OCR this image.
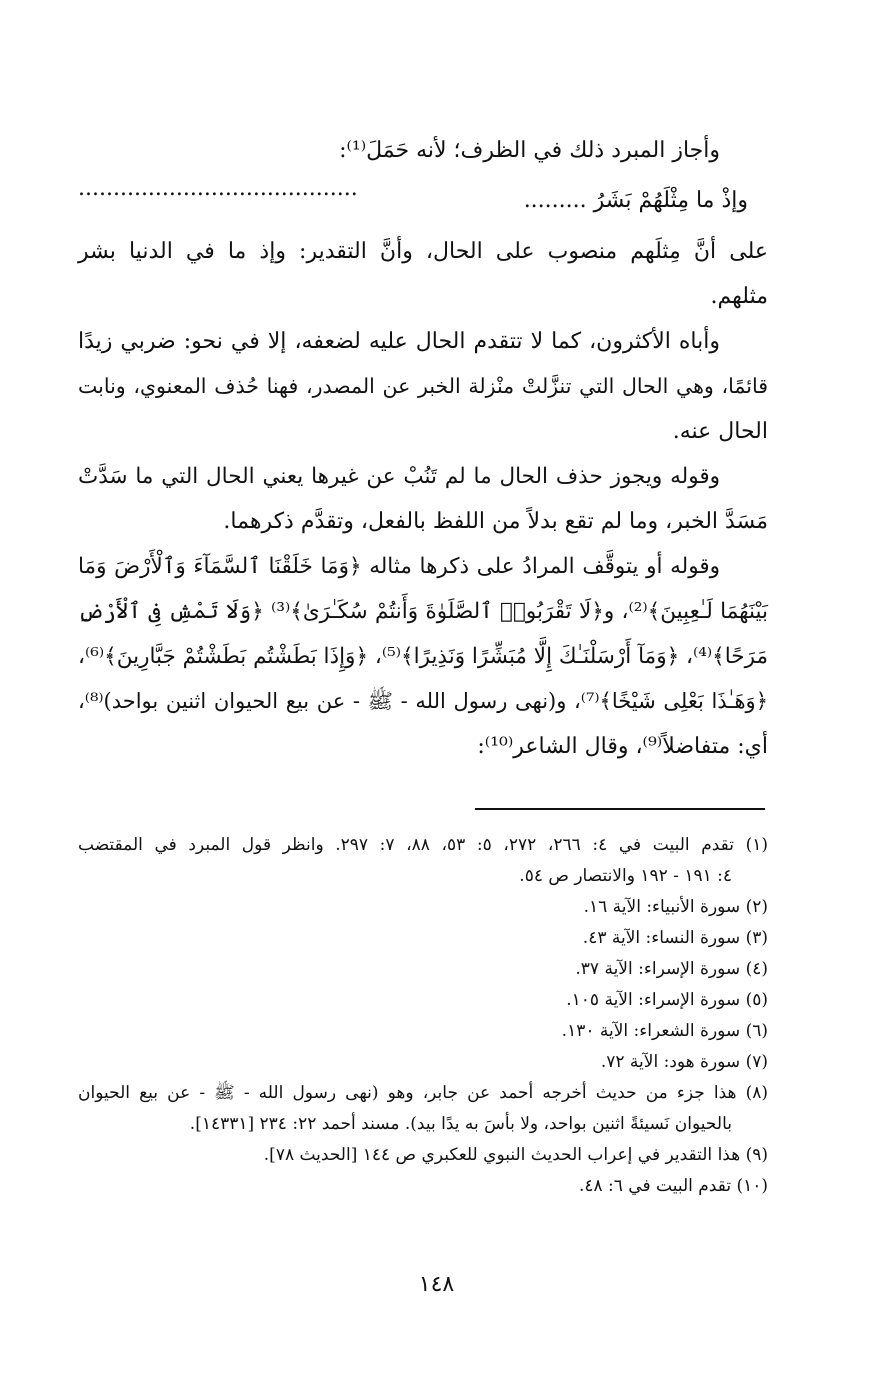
وأجاز المبرد ذلك في الظرف؛ لأنه حَمَلَ⁽¹⁾:
وإذْ ما مِثْلَهُمْ بَشَرُ .........
........................................
على أنَّ مِثلَهم منصوب على الحال، وأنَّ التقدير: وإذ ما في الدنيا بشر
مثلهم.
وأباه الأكثرون، كما لا تتقدم الحال عليه لضعفه، إلا في نحو: ضربي زيدًا
قائمًا، وهي الحال التي تنزَّلتْ منْزلة الخبر عن المصدر، فهنا حُذف المعنوي، ونابت
الحال عنه.
وقوله ويجوز حذف الحال ما لم تَنُبْ عن غيرها يعني الحال التي ما سَدَّتْ
مَسَدَّ الخبر، وما لم تقع بدلاً من اللفظ بالفعل، وتقدَّم ذكرهما.
وقوله أو يتوقَّف المرادُ على ذكرها مثاله ﴿وَمَا خَلَقْنَا ٱلسَّمَآءَ وَٱلْأَرْضَ وَمَا
بَيْنَهُمَا لَـٰعِبِينَ﴾⁽²⁾، و﴿لَا تَقْرَبُوا۟ ٱلصَّلَوٰةَ وَأَنتُمْ سُكَـٰرَىٰ﴾⁽³⁾ ﴿وَلَا تَمْشِ فِى ٱلْأَرْضِ
مَرَحًا﴾⁽⁴⁾، ﴿وَمَآ أَرْسَلْنَـٰكَ إِلَّا مُبَشِّرًا وَنَذِيرًا﴾⁽⁵⁾، ﴿وَإِذَا بَطَشْتُم بَطَشْتُمْ جَبَّارِينَ﴾⁽⁶⁾،
﴿وَهَـٰذَا بَعْلِى شَيْخًا﴾⁽⁷⁾، و(نهى رسول الله - ﷺ - عن بيع الحيوان اثنين بواحد)⁽⁸⁾،
أي: متفاضلاً⁽⁹⁾، وقال الشاعر⁽¹⁰⁾:
(١) تقدم البيت في ٤: ٢٦٦، ٢٧٢، ٥: ٥٣، ٨٨، ٧: ٢٩٧. وانظر قول المبرد في المقتضب
٤: ١٩١ - ١٩٢ والانتصار ص ٥٤.
(٢) سورة الأنبياء: الآية ١٦.
(٣) سورة النساء: الآية ٤٣.
(٤) سورة الإسراء: الآية ٣٧.
(٥) سورة الإسراء: الآية ١٠٥.
(٦) سورة الشعراء: الآية ١٣٠.
(٧) سورة هود: الآية ٧٢.
(٨) هذا جزء من حديث أخرجه أحمد عن جابر، وهو (نهى رسول الله - ﷺ - عن بيع الحيوان
بالحيوان نَسيئةً اثنين بواحد، ولا بأسَ به يدًا بيد). مسند أحمد ٢٢: ٢٣٤ [١٤٣٣١].
(٩) هذا التقدير في إعراب الحديث النبوي للعكبري ص ١٤٤ [الحديث ٧٨].
(١٠) تقدم البيت في ٦: ٤٨.
١٤٨
